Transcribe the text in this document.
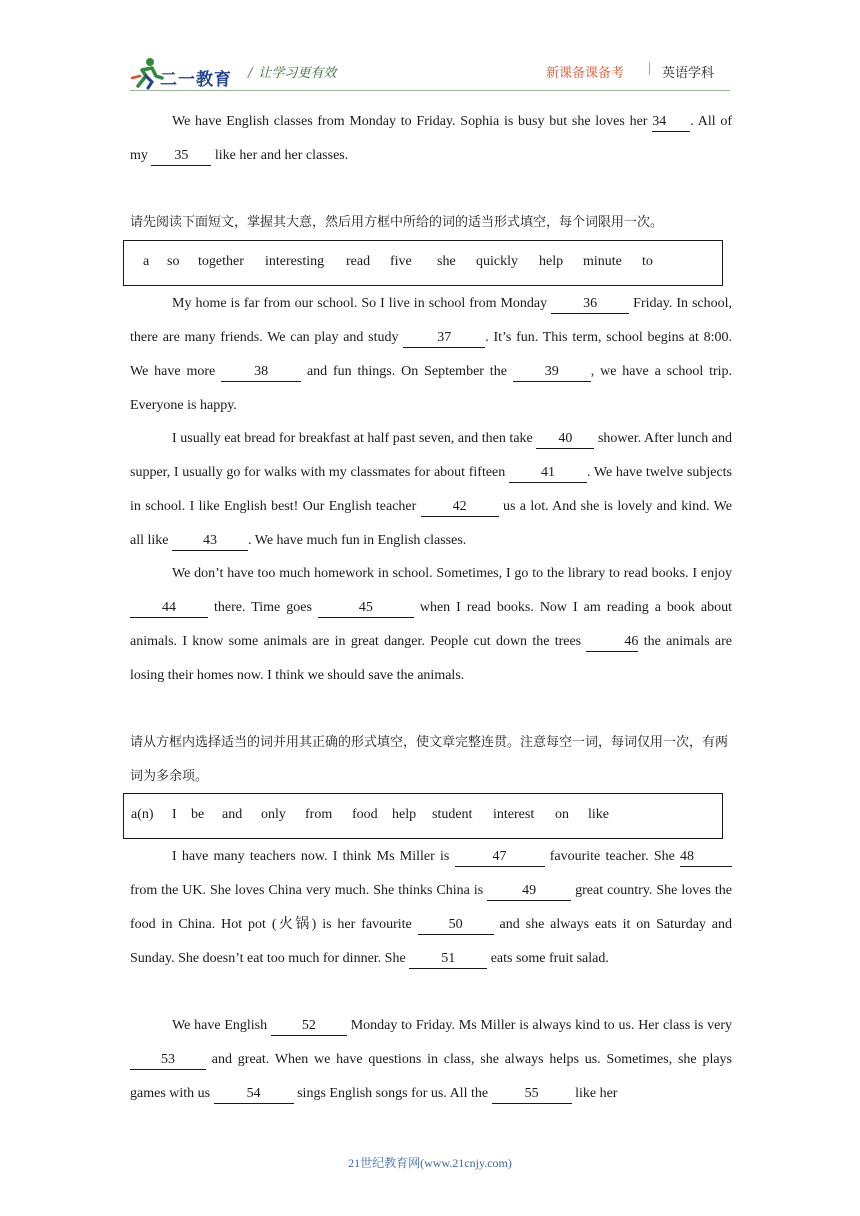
二一教育 / 让学习更有效	新课备课备考 | 英语学科
We have English classes from Monday to Friday. Sophia is busy but she loves her 34 . All of my 35 like her and her classes.
请先阅读下面短文，掌握其大意，然后用方框中所给的词的适当形式填空，每个词限用一次。
a so together interesting read five she quickly help minute to
My home is far from our school. So I live in school from Monday	36	Friday. In school, there are many friends. We can play and study	37 . It’s fun. This term, school begins at 8:00. We have more	38	and fun things. On September the	39 , we have a school trip. Everyone is happy.
I usually eat bread for breakfast at half past seven, and then take 40 shower. After lunch and supper, I usually go for walks with my classmates for about fifteen	41 . We have twelve subjects in school. I like English best! Our English teacher	42	us a lot. And she is lovely and kind. We all like 43 . We have much fun in English classes.
We don’t have too much homework in school. Sometimes, I go to the library to read books. I enjoy 44	there. Time goes	45	when I read books. Now I am reading a book about animals. I know some animals are in great danger. People cut down the trees	46 the animals are losing their homes now. I think we should save the animals.
请从方框内选择适当的词并用其正确的形式填空，使文章完整连贯。注意每空一词，每词仅用一次，有两词为多余项。
a(n) I be and only from food help student interest on like
I have many teachers now. I think Ms Miller is	47	favourite teacher. She 48 from the UK. She loves China very much. She thinks China is	49	great country. She loves the food in China. Hot pot (火锅) is her favourite	50	and she always eats it on Saturday and Sunday. She doesn’t eat too much for dinner. She	51	eats some fruit salad.
We have English 52 Monday to Friday. Ms Miller is always kind to us. Her class is very 53	and great. When we have questions in class, she always helps us. Sometimes, she plays games with us	54	sings English songs for us. All the	55	like her
21世纪教育网(www.21cnjy.com)
